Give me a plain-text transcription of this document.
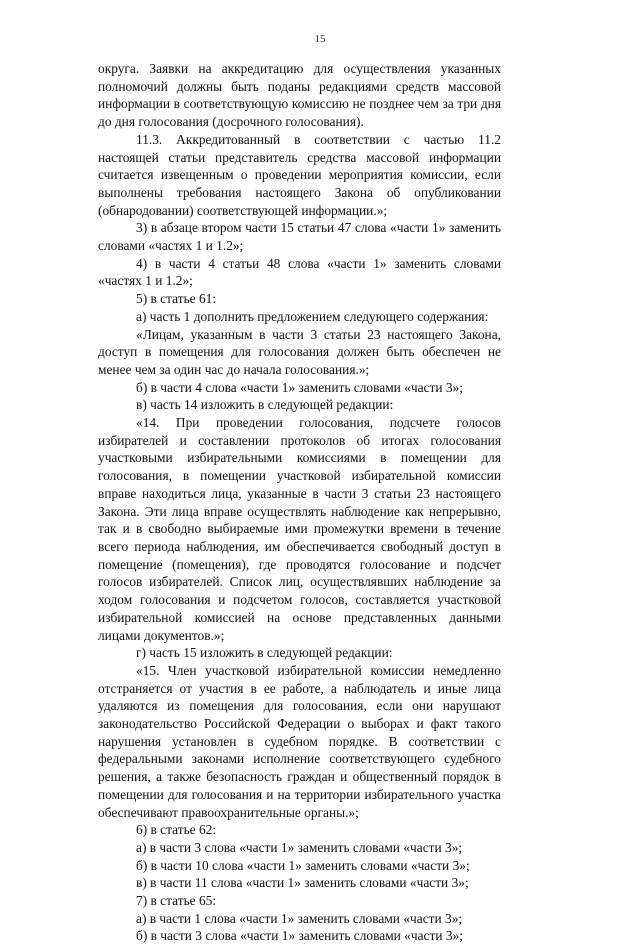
15

округа. Заявки на аккредитацию для осуществления указанных полномочий должны быть поданы редакциями средств массовой информации в соответствующую комиссию не позднее чем за три дня до дня голосования (досрочного голосования).

11.3. Аккредитованный в соответствии с частью 11.2 настоящей статьи представитель средства массовой информации считается извещенным о проведении мероприятия комиссии, если выполнены требования настоящего Закона об опубликовании (обнародовании) соответствующей информации.»;

3) в абзаце втором части 15 статьи 47 слова «части 1» заменить словами «частях 1 и 1.2»;

4) в части 4 статьи 48 слова «части 1» заменить словами «частях 1 и 1.2»;

5) в статье 61:

а) часть 1 дополнить предложением следующего содержания:

«Лицам, указанным в части 3 статьи 23 настоящего Закона, доступ в помещения для голосования должен быть обеспечен не менее чем за один час до начала голосования.»;

б) в части 4 слова «части 1» заменить словами «части 3»;

в) часть 14 изложить в следующей редакции:

«14. При проведении голосования, подсчете голосов избирателей и составлении протоколов об итогах голосования участковыми избирательными комиссиями в помещении для голосования, в помещении участковой избирательной комиссии вправе находиться лица, указанные в части 3 статьи 23 настоящего Закона. Эти лица вправе осуществлять наблюдение как непрерывно, так и в свободно выбираемые ими промежутки времени в течение всего периода наблюдения, им обеспечивается свободный доступ в помещение (помещения), где проводятся голосование и подсчет голосов избирателей. Список лиц, осуществлявших наблюдение за ходом голосования и подсчетом голосов, составляется участковой избирательной комиссией на основе представленных данными лицами документов.»;

г) часть 15 изложить в следующей редакции:

«15. Член участковой избирательной комиссии немедленно отстраняется от участия в ее работе, а наблюдатель и иные лица удаляются из помещения для голосования, если они нарушают законодательство Российской Федерации о выборах и факт такого нарушения установлен в судебном порядке. В соответствии с федеральными законами исполнение соответствующего судебного решения, а также безопасность граждан и общественный порядок в помещении для голосования и на территории избирательного участка обеспечивают правоохранительные органы.»;

6) в статье 62:

а) в части 3 слова «части 1» заменить словами «части 3»;

б) в части 10 слова «части 1» заменить словами «части 3»;

в) в части 11 слова «части 1» заменить словами «части 3»;

7) в статье 65:

а) в части 1 слова «части 1» заменить словами «части 3»;

б) в части 3 слова «части 1» заменить словами «части 3»;
